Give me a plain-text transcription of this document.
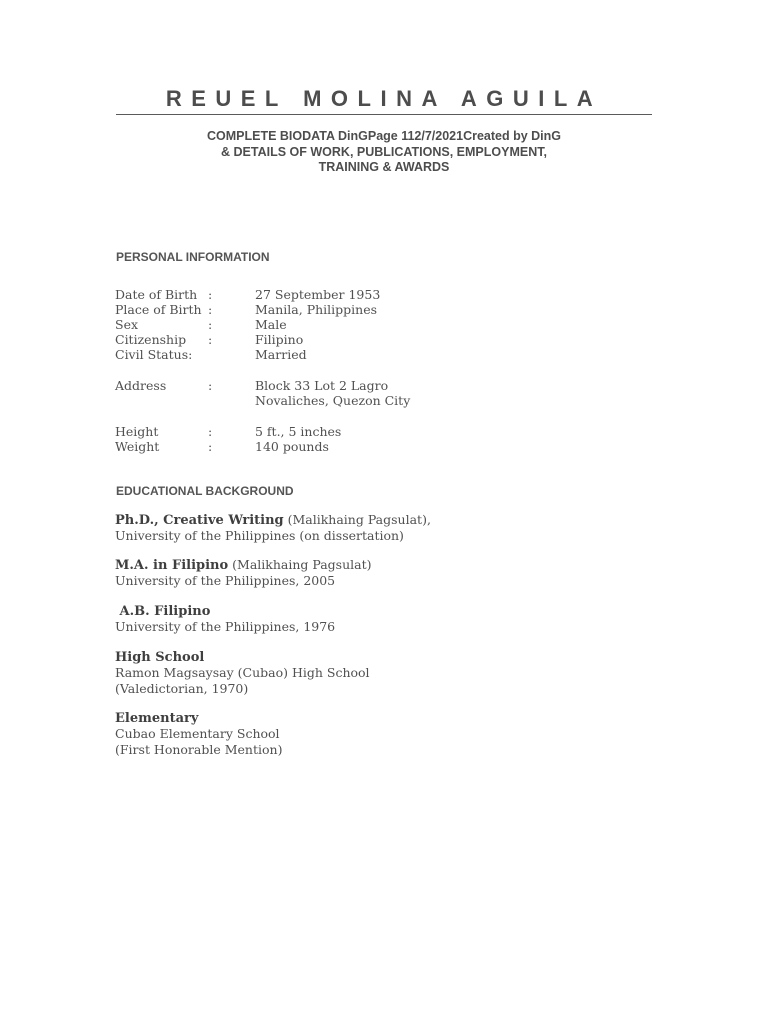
REUEL MOLINA AGUILA
COMPLETE BIODATA DinGPage 112/7/2021Created by DinG
& DETAILS OF WORK, PUBLICATIONS, EMPLOYMENT,
TRAINING & AWARDS
PERSONAL INFORMATION
Date of Birth :	27 September 1953
Place of Birth :	Manila, Philippines
Sex	:	Male
Citizenship :	Filipino
Civil Status:	Married
Address	:	Block 33 Lot 2 Lagro
Novaliches, Quezon City
Height	:	5 ft., 5 inches
Weight	:	140 pounds
EDUCATIONAL BACKGROUND
Ph.D., Creative Writing (Malikhaing Pagsulat),
University of the Philippines (on dissertation)
M.A. in Filipino (Malikhaing Pagsulat)
University of the Philippines, 2005
A.B. Filipino
University of the Philippines, 1976
High School
Ramon Magsaysay (Cubao) High School
(Valedictorian, 1970)
Elementary
Cubao Elementary School
(First Honorable Mention)
